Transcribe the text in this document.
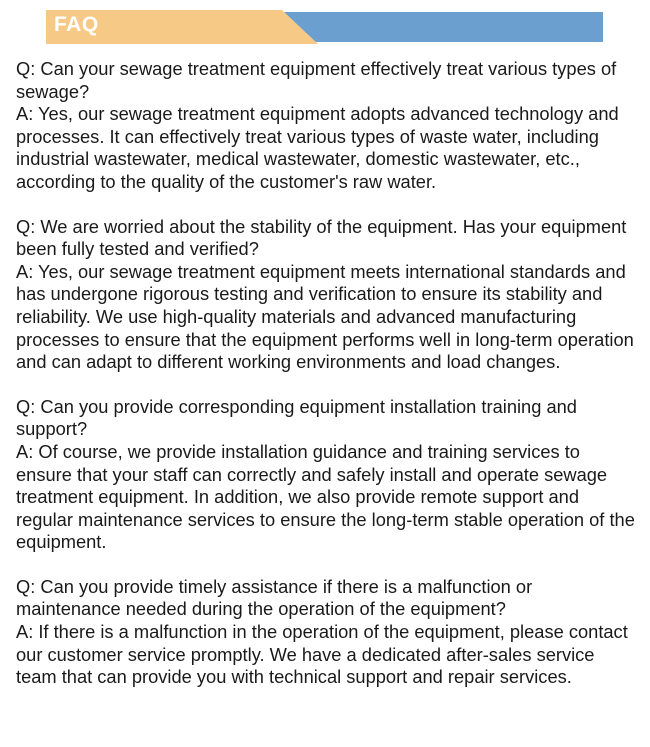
FAQ

Q: Can your sewage treatment equipment effectively treat various types of sewage?

A: Yes, our sewage treatment equipment adopts advanced technology and processes. It can effectively treat various types of waste water, including industrial wastewater, medical wastewater, domestic wastewater, etc., according to the quality of the customer's raw water.

Q: We are worried about the stability of the equipment. Has your equipment been fully tested and verified?

A: Yes, our sewage treatment equipment meets international standards and has undergone rigorous testing and verification to ensure its stability and reliability. We use high-quality materials and advanced manufacturing processes to ensure that the equipment performs well in long-term operation and can adapt to different working environments and load changes.

Q: Can you provide corresponding equipment installation training and support?

A: Of course, we provide installation guidance and training services to ensure that your staff can correctly and safely install and operate sewage treatment equipment. In addition, we also provide remote support and regular maintenance services to ensure the long-term stable operation of the equipment.

Q: Can you provide timely assistance if there is a malfunction or maintenance needed during the operation of the equipment?

A: If there is a malfunction in the operation of the equipment, please contact our customer service promptly. We have a dedicated after-sales service team that can provide you with technical support and repair services.
